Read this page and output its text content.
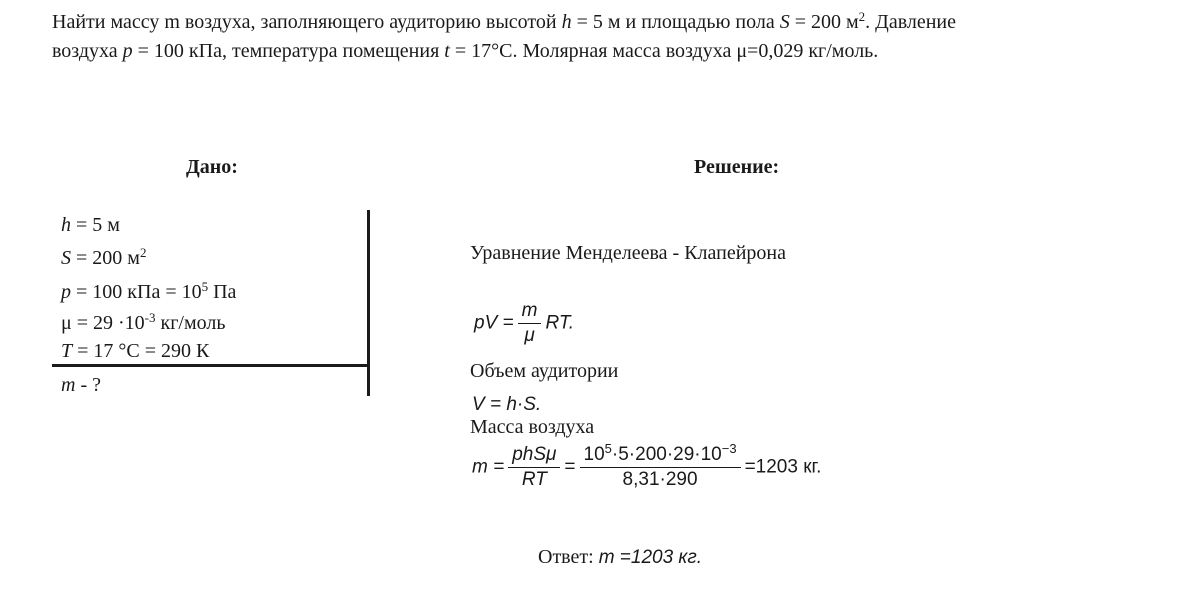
Найти массу m воздуха, заполняющего аудиторию высотой h = 5 м и площадью пола S = 200 $м^2$. Давление
воздуха p = 100 кПа, температура помещения t = 17°С. Молярная масса воздуха μ=0,029 кг/моль.
Дано:
h = 5 м
S = 200 $м^2$
p = 100 кПа = $10^5$ Па
$\mu = 29 \cdot 10^{-3}$ кг/моль
T = 17 °С = 290 К
m - ?
Решение:
Уравнение Менделеева - Клапейрона
pV = $\frac{m}{\mu}$ RT.
Объем аудитории
V = h·S.
Масса воздуха
$m = \frac{\text{phSμ}}{RT} = \frac{10^5\cdot 5\cdot 200\cdot 29\cdot 10^{-3}}{8,31\cdot 290} =1203$ кг.
Ответ: m =1203 кг.
